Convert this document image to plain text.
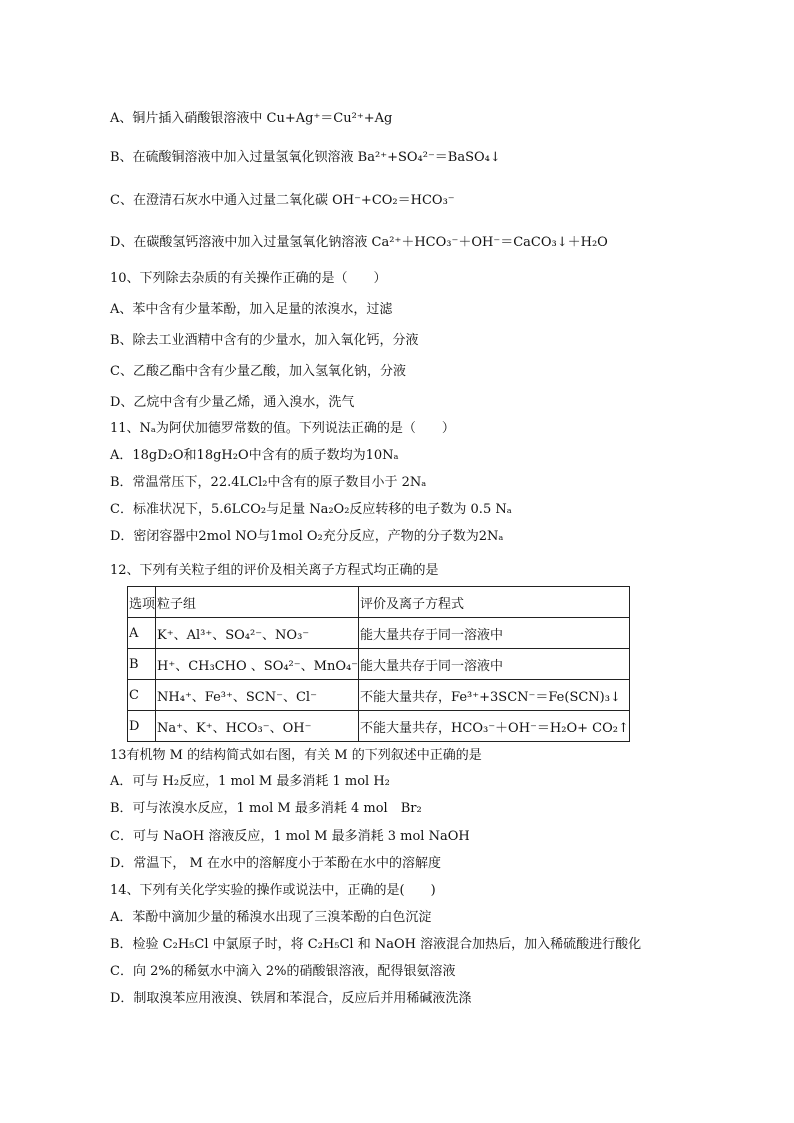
A、铜片插入硝酸银溶液中 Cu+Ag⁺＝Cu²⁺+Ag
B、在硫酸铜溶液中加入过量氢氧化钡溶液 Ba²⁺+SO₄²⁻＝BaSO₄↓
C、在澄清石灰水中通入过量二氧化碳 OH⁻+CO₂＝HCO₃⁻
D、在碳酸氢钙溶液中加入过量氢氧化钠溶液 Ca²⁺＋HCO₃⁻＋OH⁻＝CaCO₃↓＋H₂O
10、下列除去杂质的有关操作正确的是（　　）
A、苯中含有少量苯酚，加入足量的浓溴水，过滤
B、除去工业酒精中含有的少量水，加入氧化钙，分液
C、乙酸乙酯中含有少量乙酸，加入氢氧化钠，分液
D、乙烷中含有少量乙烯，通入溴水，洗气
11、Nₐ为阿伏加德罗常数的值。下列说法正确的是（　　）
A．18gD₂O和18gH₂O中含有的质子数均为10Nₐ
B．常温常压下，22.4LCl₂中含有的原子数目小于 2Nₐ
C．标准状况下，5.6LCO₂与足量 Na₂O₂反应转移的电子数为 0.5 Nₐ
D．密闭容器中2mol NO与1mol O₂充分反应，产物的分子数为2Nₐ
12、下列有关粒子组的评价及相关离子方程式均正确的是
选项	粒子组	评价及离子方程式
A	K⁺、Al³⁺、SO₄²⁻、NO₃⁻	能大量共存于同一溶液中
B	H⁺、CH₃CHO 、SO₄²⁻、MnO₄⁻	能大量共存于同一溶液中
C	NH₄⁺、Fe³⁺、SCN⁻、Cl⁻	不能大量共存，Fe³⁺+3SCN⁻＝Fe(SCN)₃↓
D	Na⁺、K⁺、HCO₃⁻、OH⁻	不能大量共存，HCO₃⁻＋OH⁻＝H₂O+ CO₂↑
13有机物 M 的结构简式如右图，有关 M 的下列叙述中正确的是
A．可与 H₂反应，1 mol M 最多消耗 1 mol H₂
B．可与浓溴水反应，1 mol M 最多消耗 4 mol　Br₂
C．可与 NaOH 溶液反应，1 mol M 最多消耗 3 mol NaOH
D．常温下， M 在水中的溶解度小于苯酚在水中的溶解度
14、下列有关化学实验的操作或说法中，正确的是(　　)
A．苯酚中滴加少量的稀溴水出现了三溴苯酚的白色沉淀
B．检验 C₂H₅Cl 中氯原子时，将 C₂H₅Cl 和 NaOH 溶液混合加热后，加入稀硫酸进行酸化
C．向 2%的稀氨水中滴入 2%的硝酸银溶液，配得银氨溶液
D．制取溴苯应用液溴、铁屑和苯混合，反应后并用稀碱液洗涤
